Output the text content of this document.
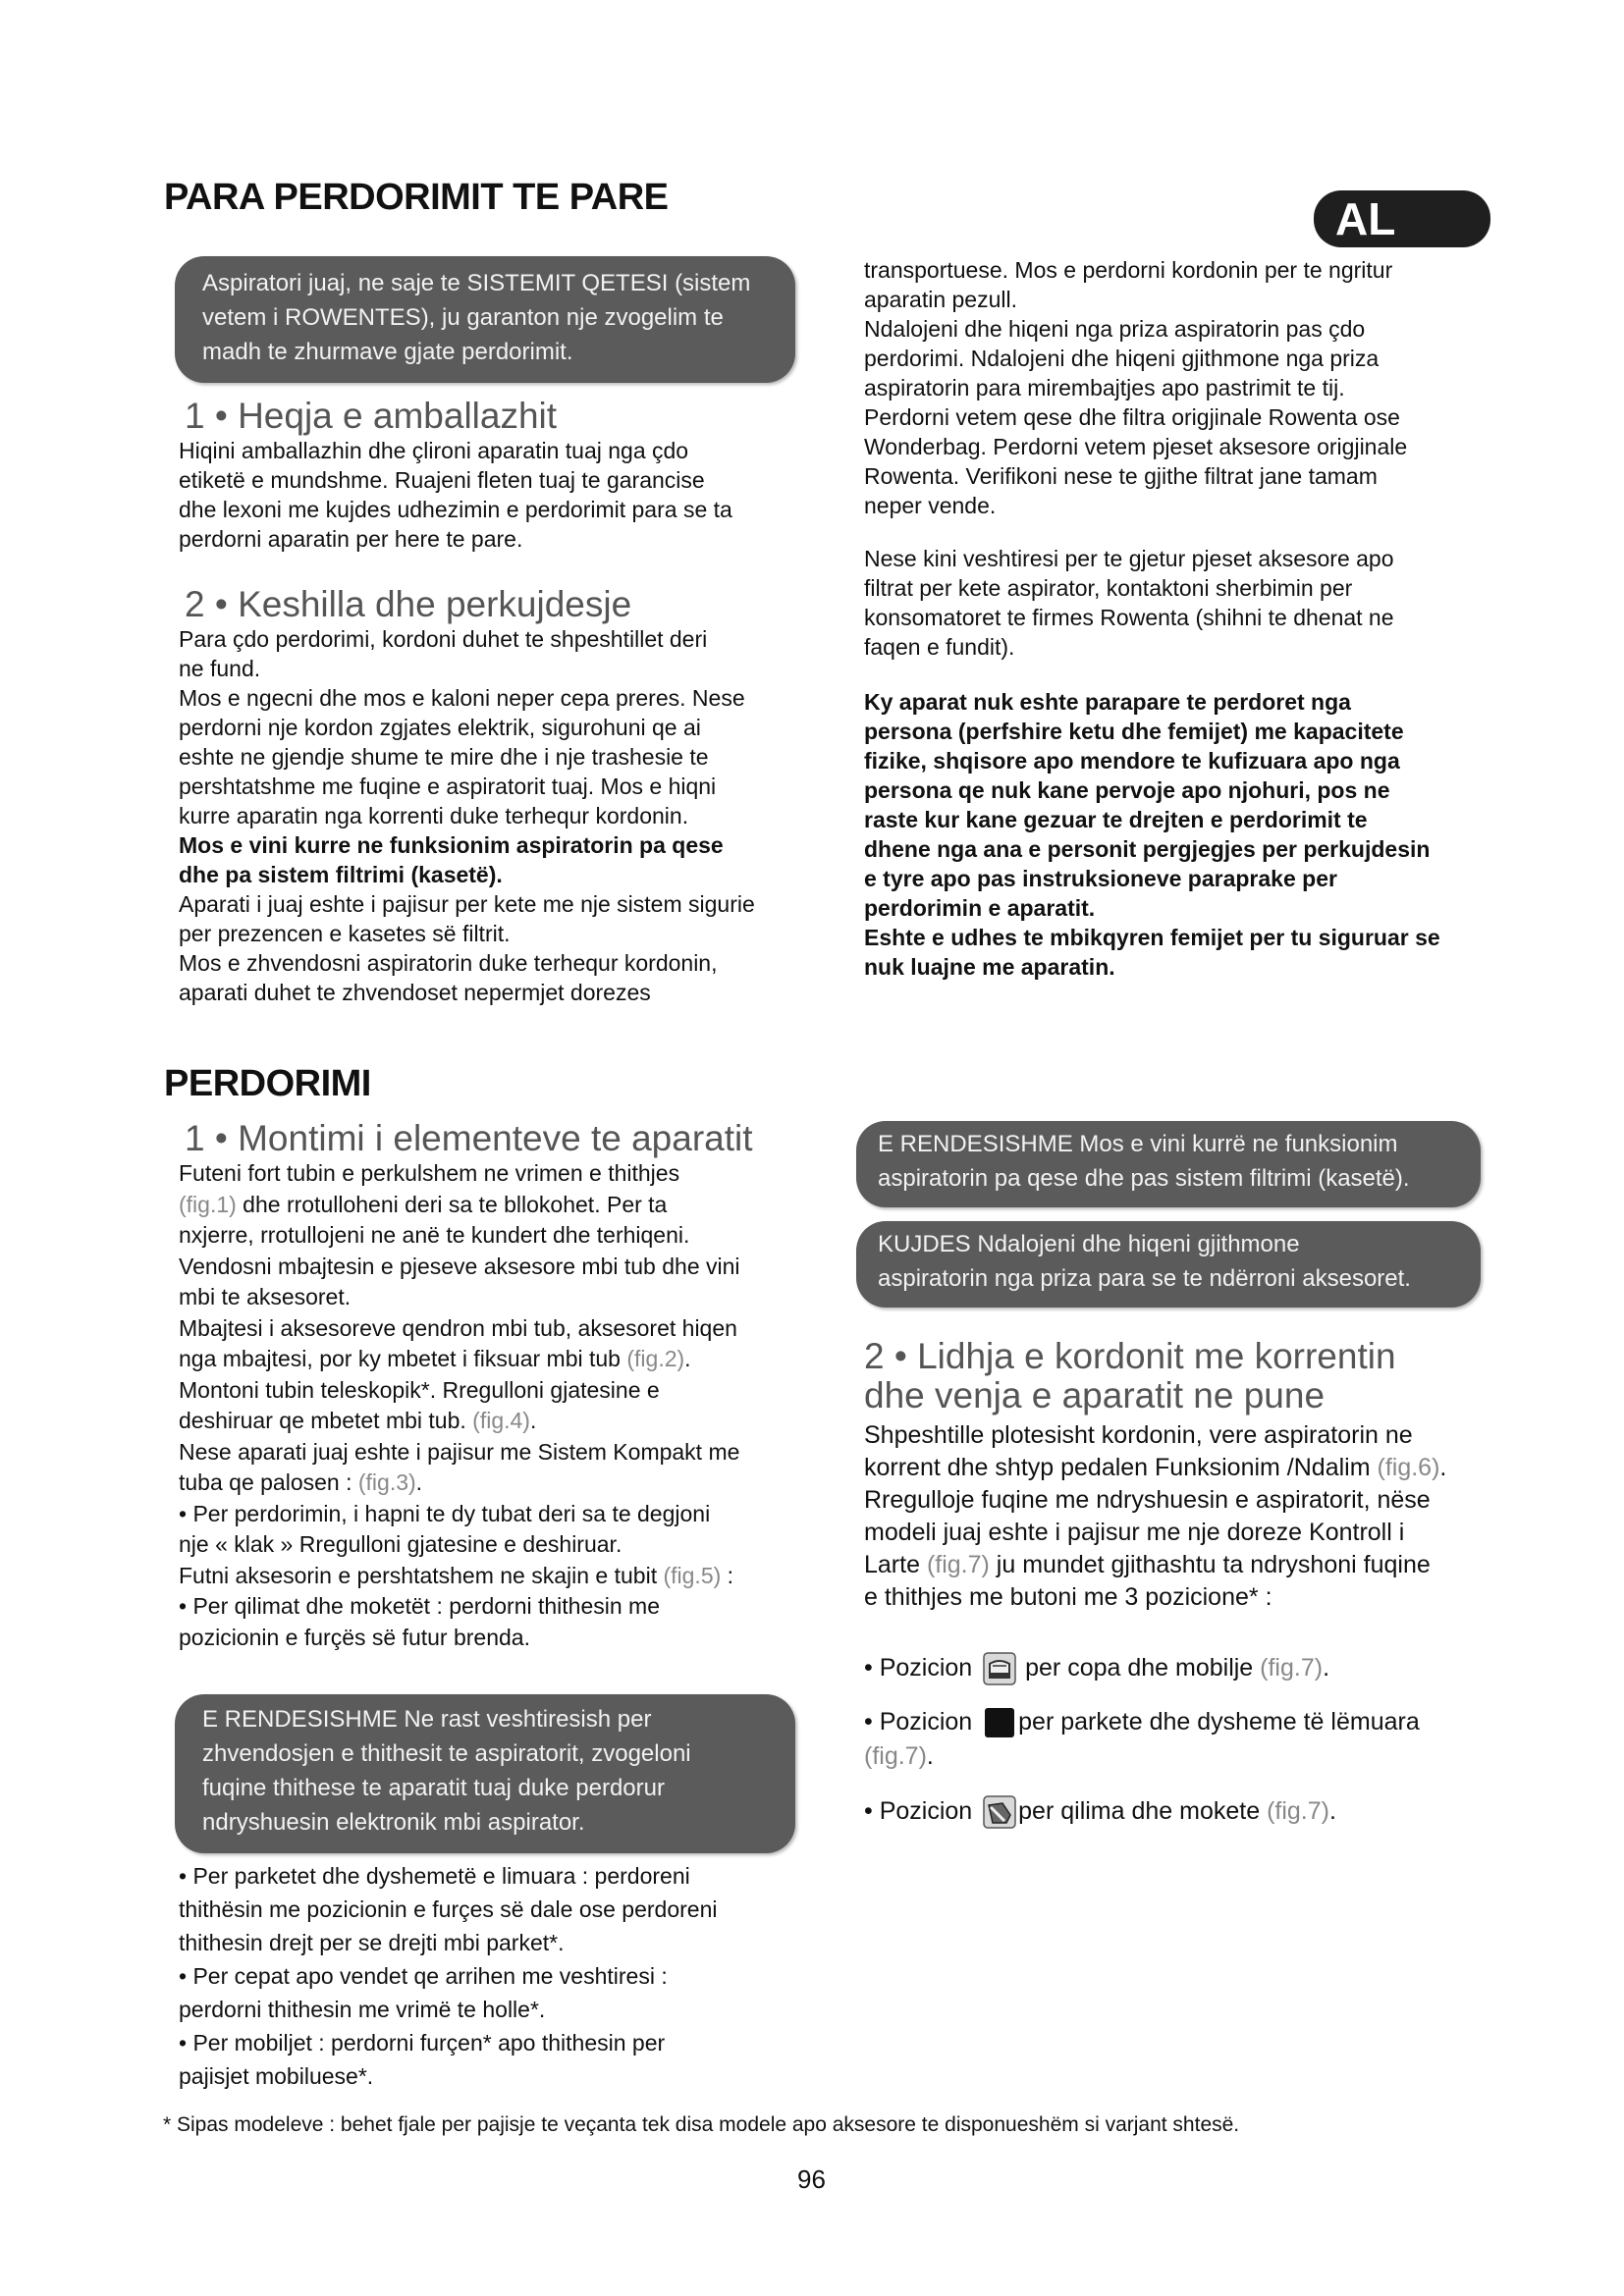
AL
PARA PERDORIMIT TE PARE
Aspiratori juaj, ne saje te SISTEMIT QETESI (sistem
vetem i ROWENTES), ju garanton nje zvogelim te
madh te zhurmave gjate perdorimit.
1 • Heqja e amballazhit

Hiqini amballazhin dhe çlironi aparatin tuaj nga çdo

etiketë e mundshme. Ruajeni fleten tuaj te garancise

dhe lexoni me kujdes udhezimin e perdorimit para se ta

perdorni aparatin per here te pare.

2 • Keshilla dhe perkujdesje

Para çdo perdorimi, kordoni duhet te shpeshtillet deri

ne fund.

Mos e ngecni dhe mos e kaloni neper cepa preres. Nese

perdorni nje kordon zgjates elektrik, sigurohuni qe ai

eshte ne gjendje shume te mire dhe i nje trashesie te

pershtatshme me fuqine e aspiratorit tuaj. Mos e hiqni

kurre aparatin nga korrenti duke terhequr kordonin.

Mos e vini kurre ne funksionim aspiratorin pa qese

dhe pa sistem filtrimi (kasetë).

Aparati i juaj eshte i pajisur per kete me nje sistem sigurie

per prezencen e kasetes së filtrit.

Mos e zhvendosni aspiratorin duke terhequr kordonin,

aparati duhet te zhvendoset nepermjet dorezes

transportuese. Mos e perdorni kordonin per te ngritur

aparatin pezull.

Ndalojeni dhe hiqeni nga priza aspiratorin pas çdo

perdorimi. Ndalojeni dhe hiqeni gjithmone nga priza

aspiratorin para mirembajtjes apo pastrimit te tij.

Perdorni vetem qese dhe filtra origjinale Rowenta ose

Wonderbag. Perdorni vetem pjeset aksesore origjinale

Rowenta. Verifikoni nese te gjithe filtrat jane tamam

neper vende.

Nese kini veshtiresi per te gjetur pjeset aksesore apo

filtrat per kete aspirator, kontaktoni sherbimin per

konsomatoret te firmes Rowenta (shihni te dhenat ne

faqen e fundit).

Ky aparat nuk eshte parapare te perdoret nga

persona (perfshire ketu dhe femijet) me kapacitete

fizike, shqisore apo mendore te kufizuara apo nga

persona qe nuk kane pervoje apo njohuri, pos ne

raste kur kane gezuar te drejten e perdorimit te

dhene nga ana e personit pergjegjes per perkujdesin

e tyre apo pas instruksioneve paraprake per

perdorimin e aparatit.

Eshte e udhes te mbikqyren femijet per tu siguruar se

nuk luajne me aparatin.

PERDORIMI
1 • Montimi i elementeve te aparatit

Futeni fort tubin e perkulshem ne vrimen e thithjes

(fig.1) dhe rrotulloheni deri sa te bllokohet. Per ta

nxjerre, rrotullojeni ne anë te kundert dhe terhiqeni.

Vendosni mbajtesin e pjeseve aksesore mbi tub dhe vini

mbi te aksesoret.

Mbajtesi i aksesoreve qendron mbi tub, aksesoret hiqen

nga mbajtesi, por ky mbetet i fiksuar mbi tub (fig.2).

Montoni tubin teleskopik*. Rregulloni gjatesine e

deshiruar qe mbetet mbi tub. (fig.4).

Nese aparati juaj eshte i pajisur me Sistem Kompakt me

tuba qe palosen : (fig.3).

• Per perdorimin, i hapni te dy tubat deri sa te degjoni

nje « klak » Rregulloni gjatesine e deshiruar.

Futni aksesorin e pershtatshem ne skajin e tubit (fig.5) :

• Per qilimat dhe moketët : perdorni thithesin me

pozicionin e furçës së futur brenda.

E RENDESISHME Ne rast veshtiresish per
zhvendosjen e thithesit te aspiratorit, zvogeloni
fuqine thithese te aparatit tuaj duke perdorur
ndryshuesin elektronik mbi aspirator.

• Per parketet dhe dyshemetë e limuara : perdoreni

thithësin me pozicionin e furçes së dale ose perdoreni

thithesin drejt per se drejti mbi parket*.

• Per cepat apo vendet qe arrihen me veshtiresi :

perdorni thithesin me vrimë te holle*.

• Per mobiljet : perdorni furçen* apo thithesin per

pajisjet mobiluese*.

E RENDESISHME Mos e vini kurrë ne funksionim
aspiratorin pa qese dhe pas sistem filtrimi (kasetë).
KUJDES Ndalojeni dhe hiqeni gjithmone
aspiratorin nga priza para se te ndërroni aksesoret.
2 • Lidhja e kordonit me korrentin
dhe venja e aparatit ne pune

Shpeshtille plotesisht kordonin, vere aspiratorin ne

korrent dhe shtyp pedalen Funksionim /Ndalim (fig.6).

Rregulloje fuqine me ndryshuesin e aspiratorit, nëse

modeli juaj eshte i pajisur me nje doreze Kontroll i

Larte (fig.7) ju mundet gjithashtu ta ndryshoni fuqine

e thithjes me butoni me 3 pozicione* :

• Pozicion per copa dhe mobilje (fig.7).
• Pozicion per parkete dhe dysheme të lëmuara
(fig.7).
• Pozicion per qilima dhe mokete (fig.7).
* Sipas modeleve : behet fjale per pajisje te veçanta tek disa modele apo aksesore te disponueshëm si varjant shtesë.
96
